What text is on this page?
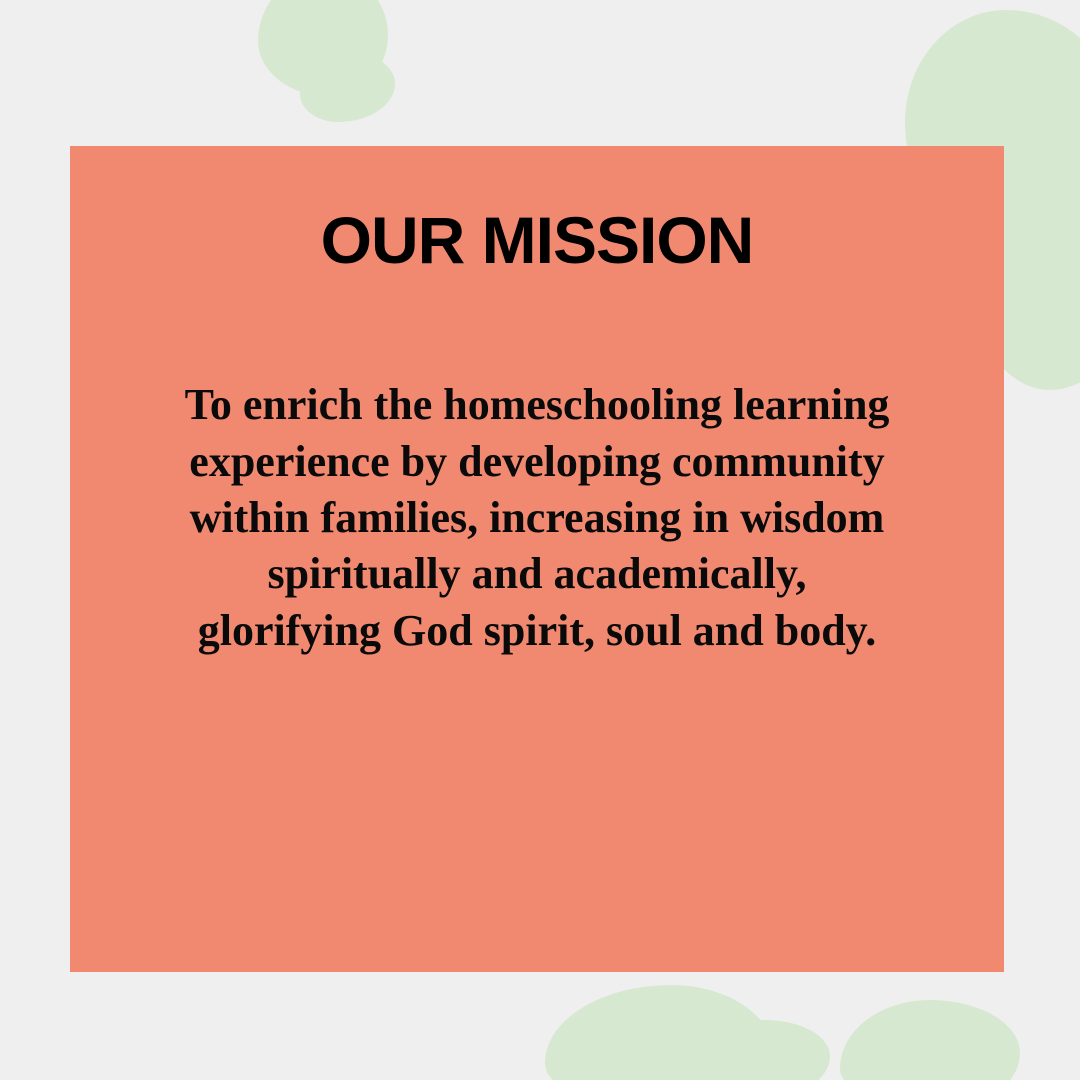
OUR MISSION

To enrich the homeschooling learning experience by developing community within families, increasing in wisdom spiritually and academically, glorifying God spirit, soul and body.
